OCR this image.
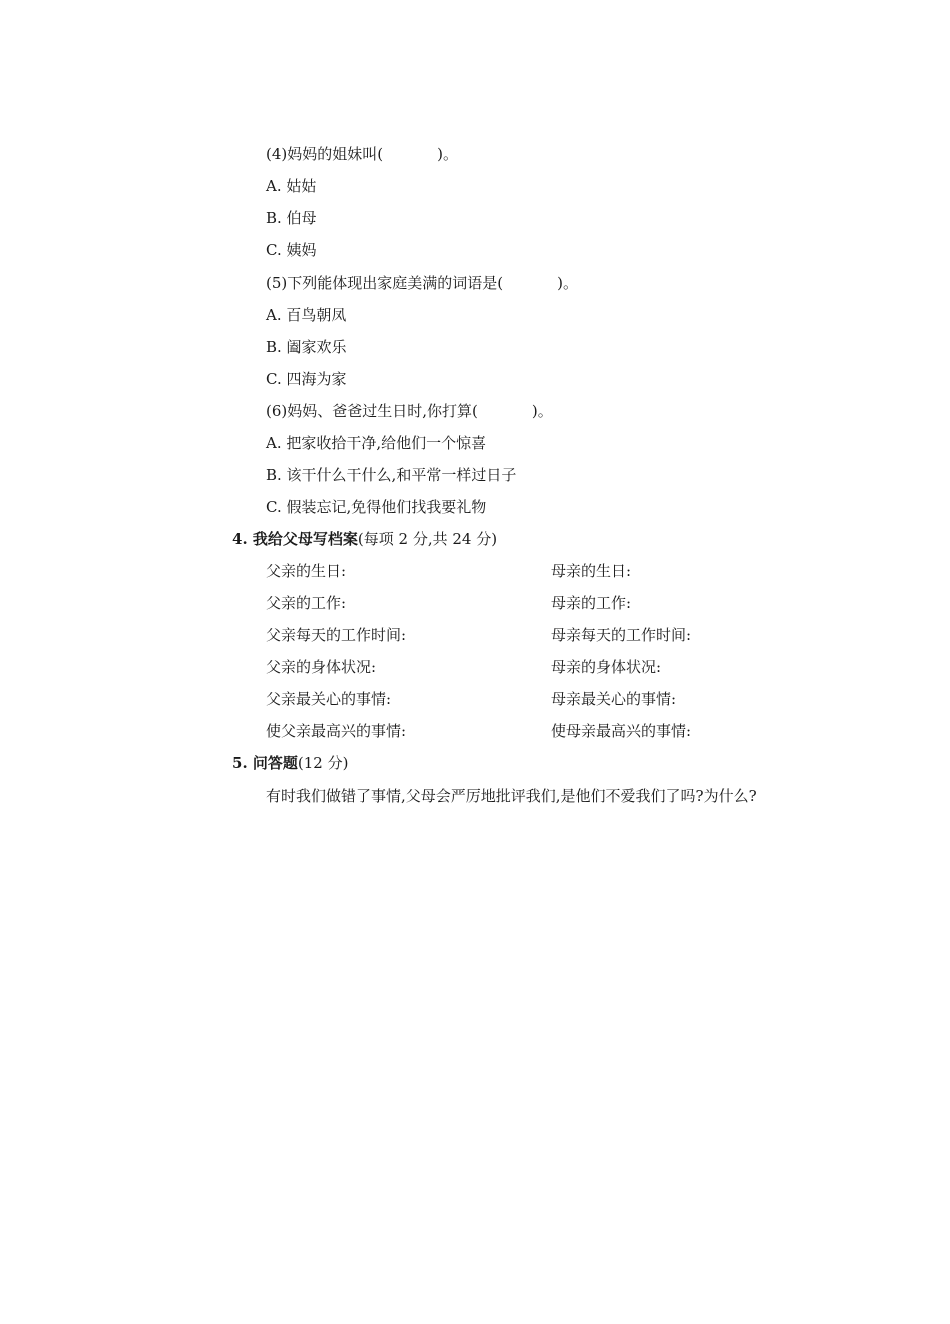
(4)妈妈的姐妹叫(	)。
A. 姑姑
B. 伯母
C. 姨妈
(5)下列能体现出家庭美满的词语是(	)。
A. 百鸟朝凤
B. 阖家欢乐
C. 四海为家
(6)妈妈、爸爸过生日时,你打算(	)。
A. 把家收拾干净,给他们一个惊喜
B. 该干什么干什么,和平常一样过日子
C. 假装忘记,免得他们找我要礼物
4. 我给父母写档案(每项 2 分,共 24 分)
父亲的生日:	母亲的生日:
父亲的工作:	母亲的工作:
父亲每天的工作时间:	母亲每天的工作时间:
父亲的身体状况:	母亲的身体状况:
父亲最关心的事情:	母亲最关心的事情:
使父亲最高兴的事情:	使母亲最高兴的事情:
5. 问答题(12 分)
有时我们做错了事情,父母会严厉地批评我们,是他们不爱我们了吗?为什么?
